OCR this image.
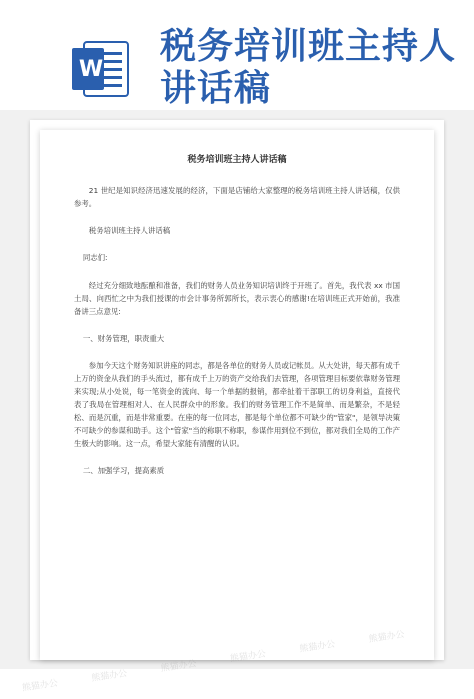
W
税务培训班主持人
讲话稿
税务培训班主持人讲话稿

21 世纪是知识经济迅速发展的经济，下面是店铺给大家整理的税务培训班主持人讲话稿，仅供参考。

税务培训班主持人讲话稿

同志们:

经过充分细致地酝酿和准备，我们的财务人员业务知识培训终于开班了。首先，我代表 xx 市国土局、向西忙之中为我们授课的市会计事务所郭所长，表示衷心的感谢!在培训班正式开始前，我准备讲三点意见:

一、财务管理，职责重大

参加今天这个财务知识讲座的同志，都是各单位的财务人员或记帐员。从大处讲，每天都有成千上万的资金从我们的手头流过，都有成千上万的资产交给我们去管理，各项管理目标要依靠财务管理来实现;从小处说，每一笔资金的流向、每一个单据的报销，都牵扯着干部职工的切身利益，直接代表了我局在管理相对人、在人民群众中的形象。我们的财务管理工作不是简单、而是繁杂，不是轻松、而是沉重，而是非常重要。在座的每一位同志，都是每个单位都不可缺少的"管家"，是领导决策不可缺少的参谋和助手。这个"管家"当的称职不称职，参谋作用到位不到位，都对我们全局的工作产生极大的影响。这一点，希望大家能有清醒的认识。

二、加强学习，提高素质

熊猫办公
熊猫办公
熊猫办公
熊猫办公
熊猫办公
熊猫办公
